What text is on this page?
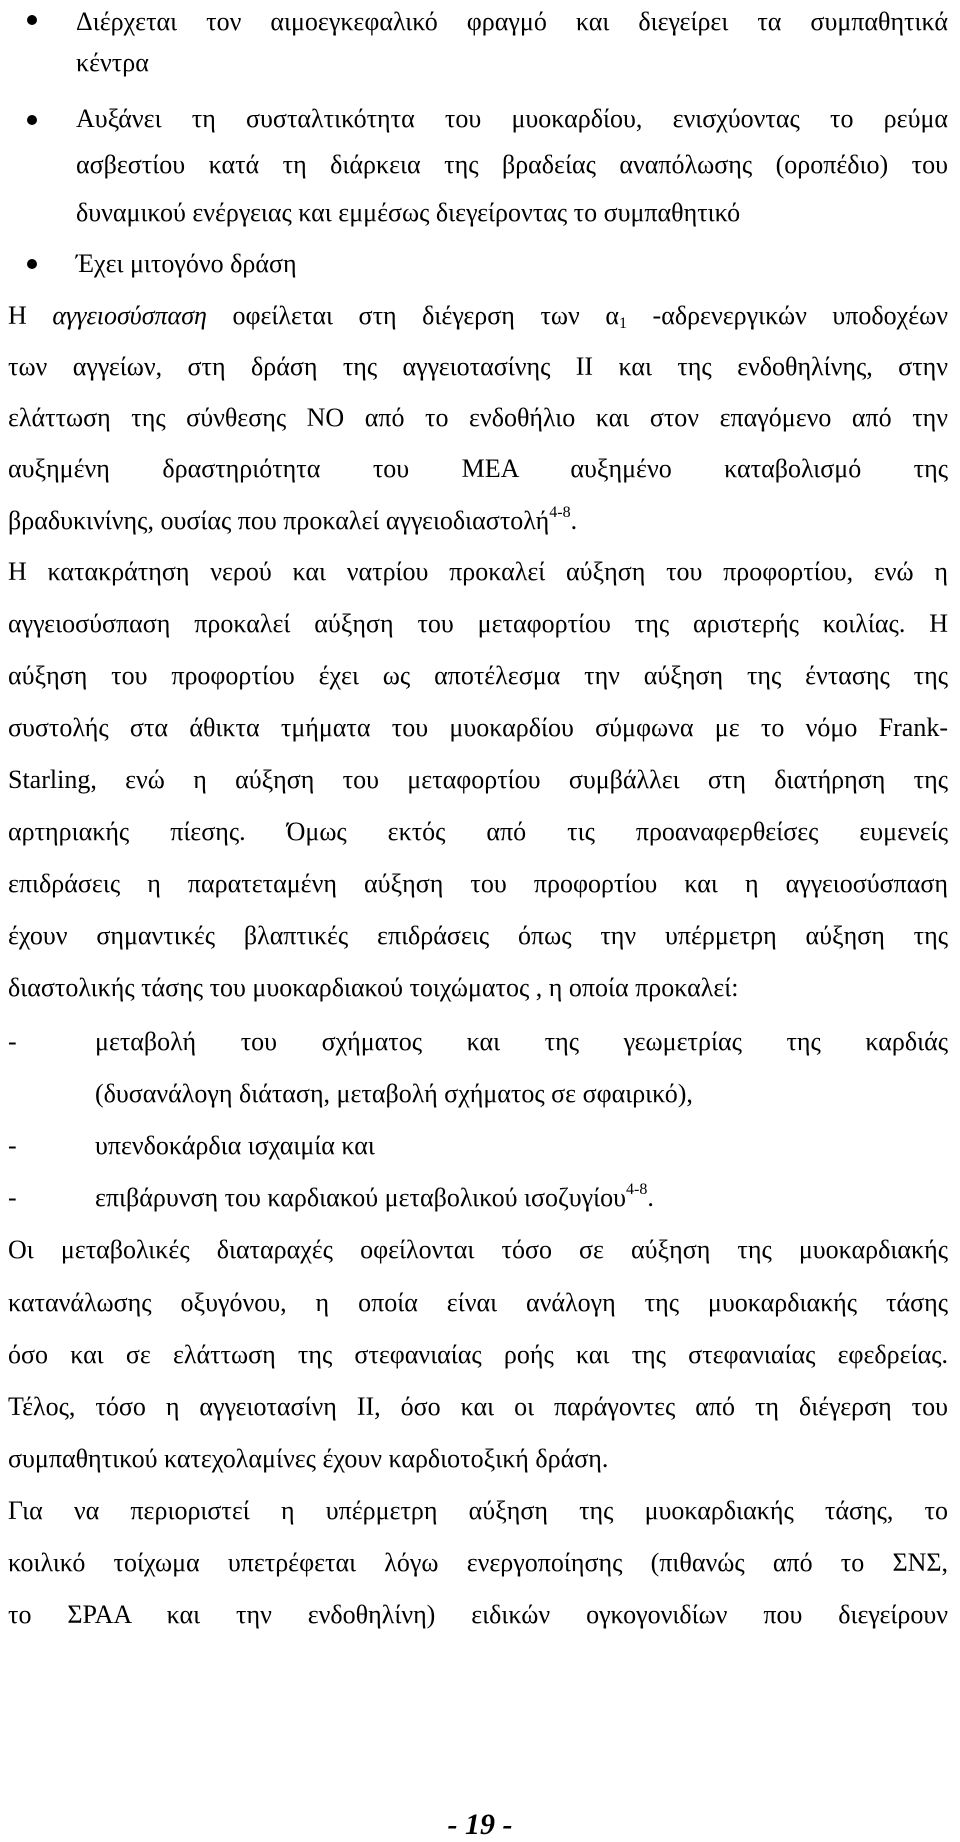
Διέρχεται τον αιμοεγκεφαλικό φραγμό και διεγείρει τα συμπαθητικά
κέντρα
Αυξάνει τη συσταλτικότητα του μυοκαρδίου, ενισχύοντας το ρεύμα
ασβεστίου κατά τη διάρκεια της βραδείας αναπόλωσης (οροπέδιο) του
δυναμικού ενέργειας και εμμέσως διεγείροντας το συμπαθητικό
Έχει μιτογόνο δράση
Η αγγειοσύσπαση οφείλεται στη διέγερση των $\alpha_1$ -αδρενεργικών υποδοχέων
των αγγείων, στη δράση της αγγειοτασίνης ΙΙ και της ενδοθηλίνης, στην
ελάττωση της σύνθεσης ΝΟ από το ενδοθήλιο και στον επαγόμενο από την
αυξημένη δραστηριότητα του ΜΕΑ αυξημένο καταβολισμό της
βραδυκινίνης, ουσίας που προκαλεί αγγειοδιαστολή$^{4-8}$.
Η κατακράτηση νερού και νατρίου προκαλεί αύξηση του προφορτίου, ενώ η
αγγειοσύσπαση προκαλεί αύξηση του μεταφορτίου της αριστερής κοιλίας. Η
αύξηση του προφορτίου έχει ως αποτέλεσμα την αύξηση της έντασης της
συστολής στα άθικτα τμήματα του μυοκαρδίου σύμφωνα με το νόμο Frank-
Starling, ενώ η αύξηση του μεταφορτίου συμβάλλει στη διατήρηση της
αρτηριακής πίεσης. Όμως εκτός από τις προαναφερθείσες ευμενείς
επιδράσεις η παρατεταμένη αύξηση του προφορτίου και η αγγειοσύσπαση
έχουν σημαντικές βλαπτικές επιδράσεις όπως την υπέρμετρη αύξηση της
διαστολικής τάσης του μυοκαρδιακού τοιχώματος , η οποία προκαλεί:
-	μεταβολή του σχήματος και της γεωμετρίας της καρδιάς
(δυσανάλογη διάταση, μεταβολή σχήματος σε σφαιρικό),
-	υπενδοκάρδια ισχαιμία και
-	επιβάρυνση του καρδιακού μεταβολικού ισοζυγίου$^{4-8}$.
Οι μεταβολικές διαταραχές οφείλονται τόσο σε αύξηση της μυοκαρδιακής
κατανάλωσης οξυγόνου, η οποία είναι ανάλογη της μυοκαρδιακής τάσης
όσο και σε ελάττωση της στεφανιαίας ροής και της στεφανιαίας εφεδρείας.
Τέλος, τόσο η αγγειοτασίνη ΙΙ, όσο και οι παράγοντες από τη διέγερση του
συμπαθητικού κατεχολαμίνες έχουν καρδιοτοξική δράση.
Για να περιοριστεί η υπέρμετρη αύξηση της μυοκαρδιακής τάσης, το
κοιλικό τοίχωμα υπετρέφεται λόγω ενεργοποίησης (πιθανώς από το ΣΝΣ,
το ΣΡΑΑ και την ενδοθηλίνη) ειδικών ογκογονιδίων που διεγείρουν
- 19 -
